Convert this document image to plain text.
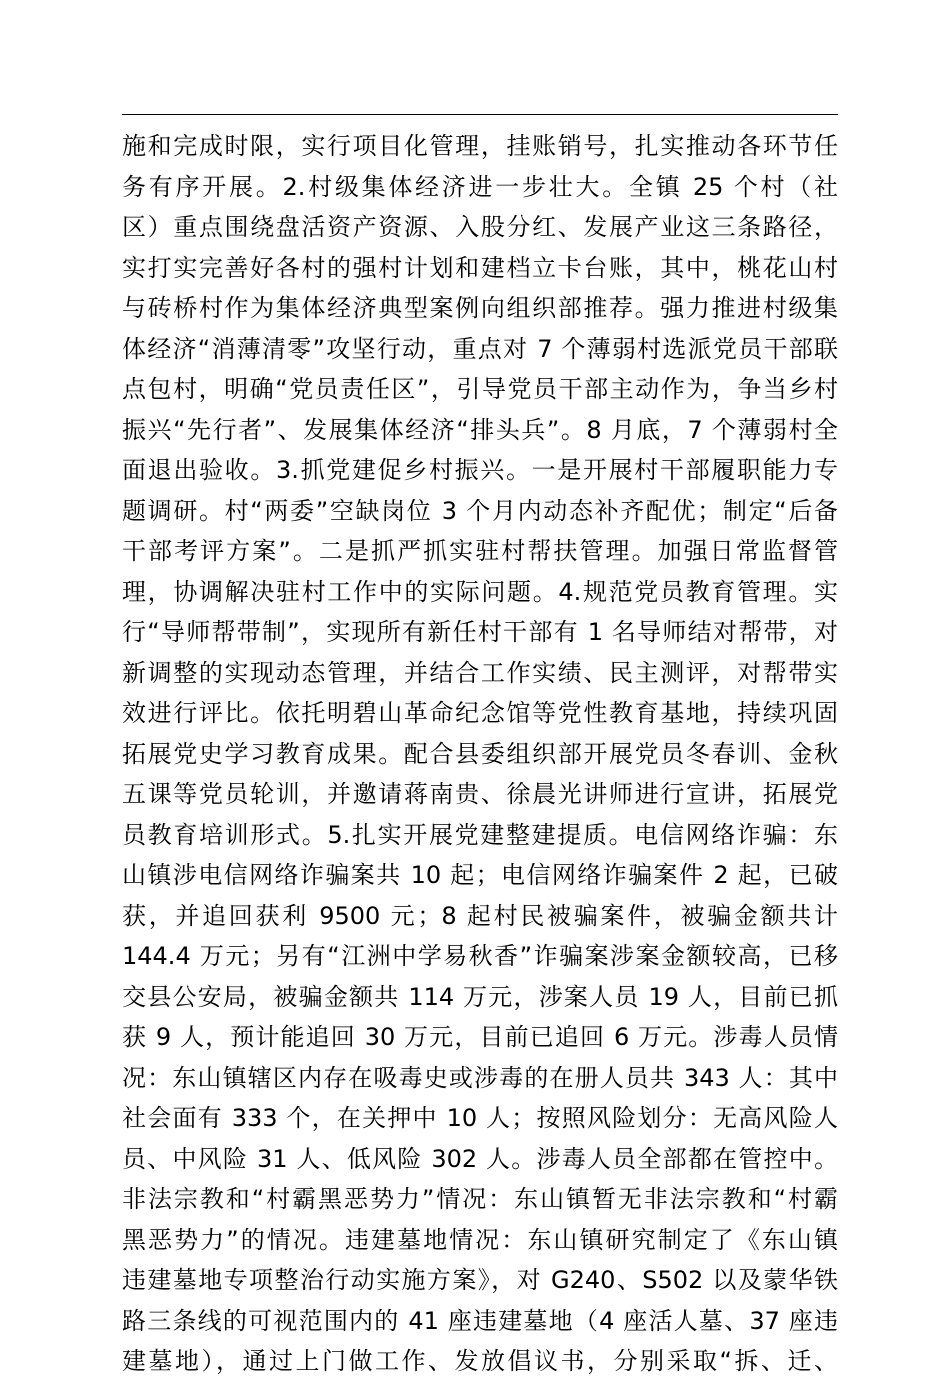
施和完成时限，实行项目化管理，挂账销号，扎实推动各环节任
务有序开展。2.村级集体经济进一步壮大。全镇 25 个村（社
区）重点围绕盘活资产资源、入股分红、发展产业这三条路径，
实打实完善好各村的强村计划和建档立卡台账，其中，桃花山村
与砖桥村作为集体经济典型案例向组织部推荐。强力推进村级集
体经济“消薄清零”攻坚行动，重点对 7 个薄弱村选派党员干部联
点包村，明确“党员责任区”，引导党员干部主动作为，争当乡村
振兴“先行者”、发展集体经济“排头兵”。8 月底，7 个薄弱村全
面退出验收。3.抓党建促乡村振兴。一是开展村干部履职能力专
题调研。村“两委”空缺岗位 3 个月内动态补齐配优；制定“后备
干部考评方案”。二是抓严抓实驻村帮扶管理。加强日常监督管
理，协调解决驻村工作中的实际问题。4.规范党员教育管理。实
行“导师帮带制”，实现所有新任村干部有 1 名导师结对帮带，对
新调整的实现动态管理，并结合工作实绩、民主测评，对帮带实
效进行评比。依托明碧山革命纪念馆等党性教育基地，持续巩固
拓展党史学习教育成果。配合县委组织部开展党员冬春训、金秋
五课等党员轮训，并邀请蒋南贵、徐晨光讲师进行宣讲，拓展党
员教育培训形式。5.扎实开展党建整建提质。电信网络诈骗：东
山镇涉电信网络诈骗案共 10 起；电信网络诈骗案件 2 起，已破
获，并追回获利 9500 元；8 起村民被骗案件，被骗金额共计
144.4 万元；另有“江洲中学易秋香”诈骗案涉案金额较高，已移
交县公安局，被骗金额共 114 万元，涉案人员 19 人，目前已抓
获 9 人，预计能追回 30 万元，目前已追回 6 万元。涉毒人员情
况：东山镇辖区内存在吸毒史或涉毒的在册人员共 343 人：其中
社会面有 333 个，在关押中 10 人；按照风险划分：无高风险人
员、中风险 31 人、低风险 302 人。涉毒人员全部都在管控中。
非法宗教和“村霸黑恶势力”情况：东山镇暂无非法宗教和“村霸
黑恶势力”的情况。违建墓地情况：东山镇研究制定了《东山镇
违建墓地专项整治行动实施方案》，对 G240、S502 以及蒙华铁
路三条线的可视范围内的 41 座违建墓地（4 座活人墓、37 座违
建墓地），通过上门做工作、发放倡议书，分别采取“拆、迁、
